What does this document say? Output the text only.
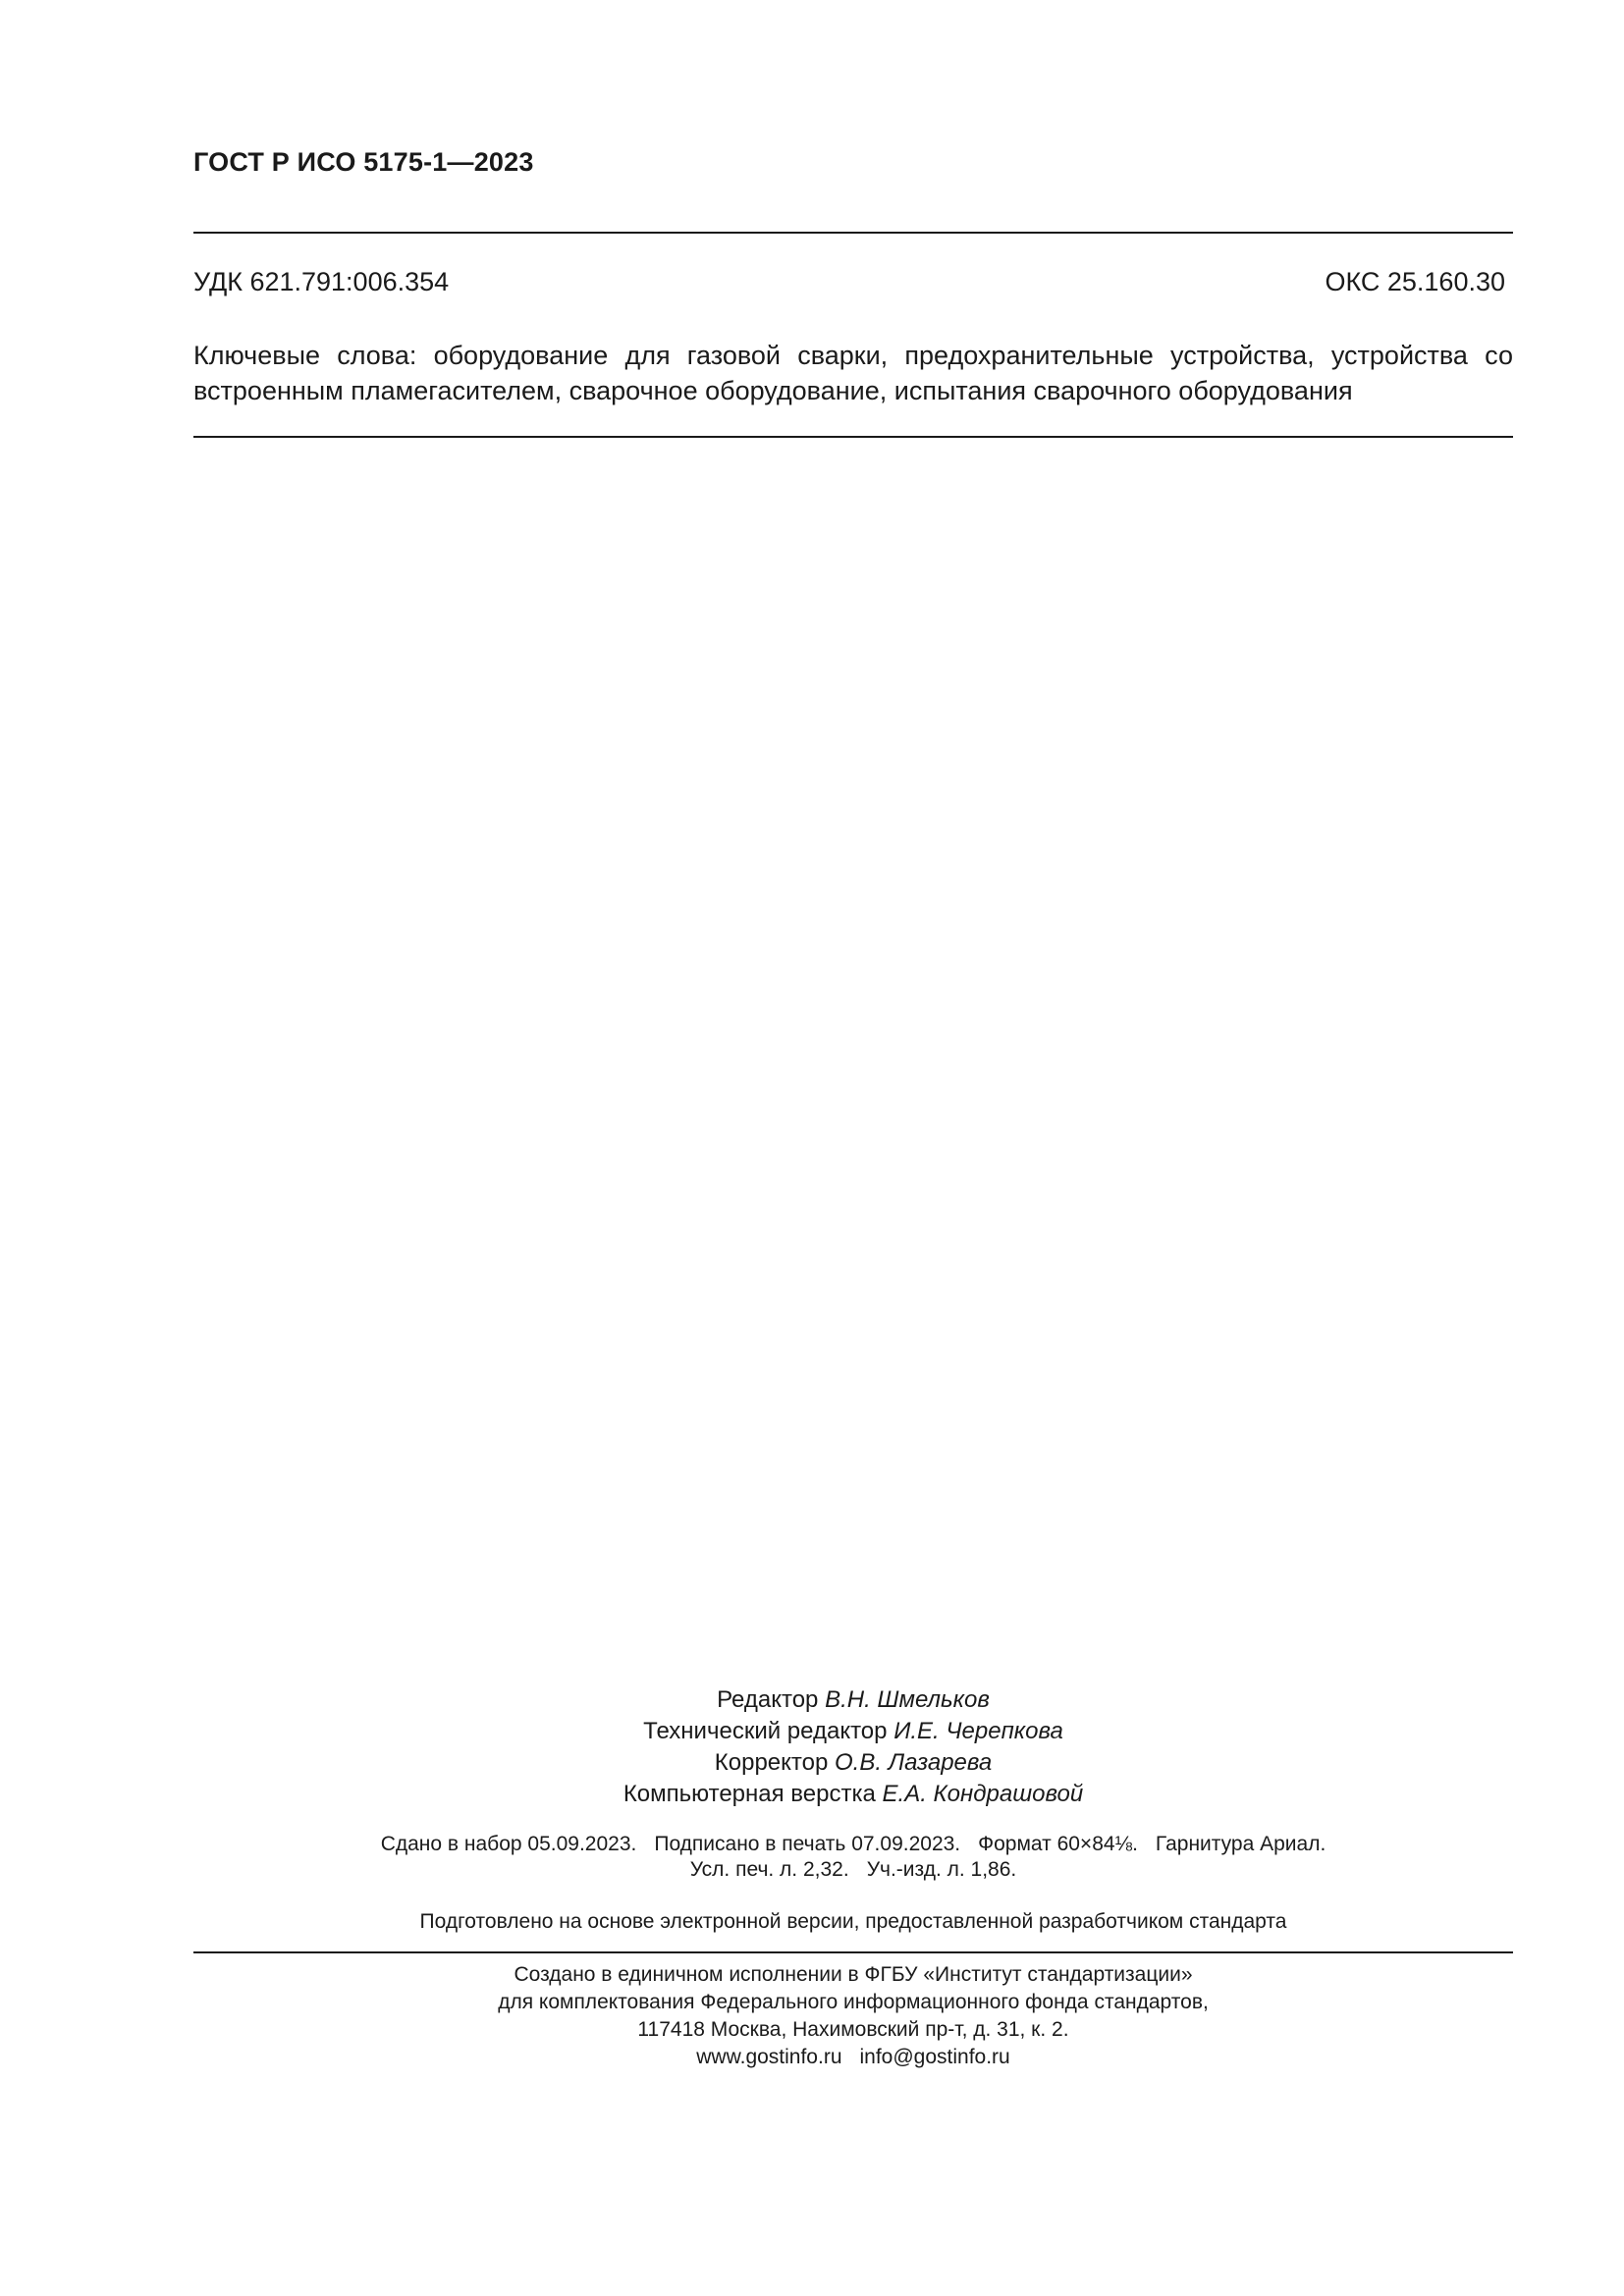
ГОСТ Р ИСО 5175-1—2023
УДК 621.791:006.354	ОКС 25.160.30
Ключевые слова: оборудование для газовой сварки, предохранительные устройства, устройства со встроенным пламегасителем, сварочное оборудование, испытания сварочного оборудования
Редактор В.Н. Шмельков
Технический редактор И.Е. Черепкова
Корректор О.В. Лазарева
Компьютерная верстка Е.А. Кондрашовой
Сдано в набор 05.09.2023. Подписано в печать 07.09.2023. Формат 60×84⅛. Гарнитура Ариал.
Усл. печ. л. 2,32. Уч.-изд. л. 1,86.
Подготовлено на основе электронной версии, предоставленной разработчиком стандарта
Создано в единичном исполнении в ФГБУ «Институт стандартизации»
для комплектования Федерального информационного фонда стандартов,
117418 Москва, Нахимовский пр-т, д. 31, к. 2.
www.gostinfo.ru info@gostinfo.ru
